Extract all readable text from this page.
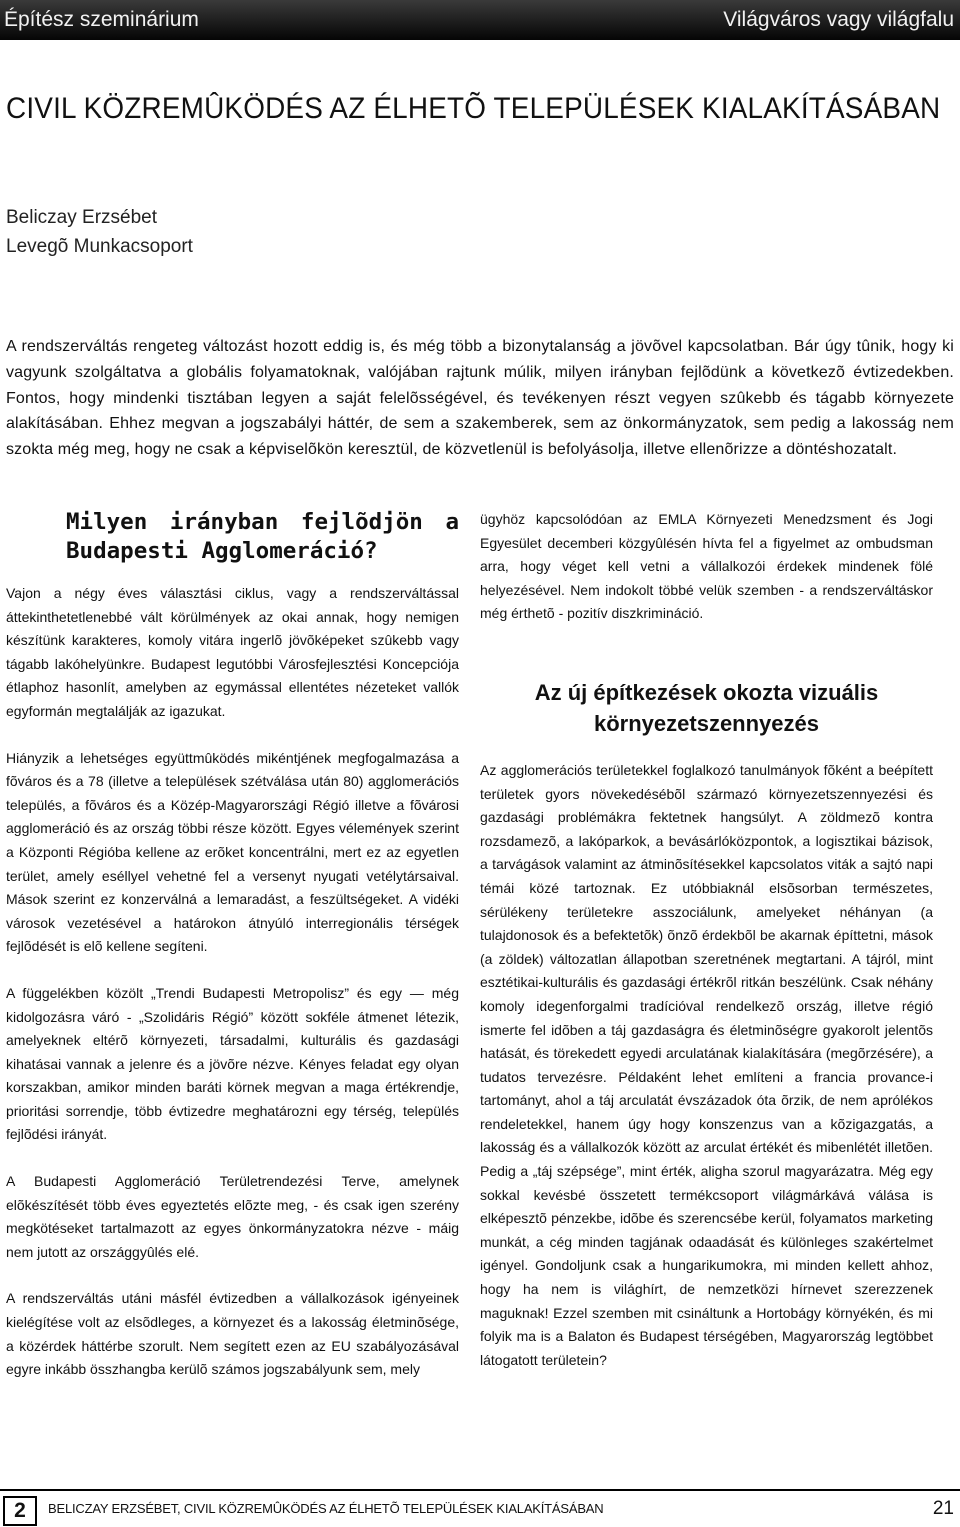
Építész szeminárium	Világváros vagy világfalu
CIVIL KÖZREMÛKÖDÉS AZ ÉLHETÕ TELEPÜLÉSEK KIALAKÍTÁSÁBAN
Beliczay Erzsébet
Levegõ Munkacsoport

A rendszerváltás rengeteg változást hozott eddig is, és még több a bizonytalanság a jövõvel kapcsolatban. Bár úgy tûnik, hogy ki vagyunk szolgáltatva a globális folyamatoknak, valójában rajtunk múlik, milyen irányban fejlõdünk a következõ évtizedekben. Fontos, hogy mindenki tisztában legyen a saját felelõsségével, és tevékenyen részt vegyen szûkebb és tágabb környezete alakításában. Ehhez megvan a jogszabályi háttér, de sem a szakemberek, sem az önkormányzatok, sem pedig a lakosság nem szokta még meg, hogy ne csak a képviselõkön keresztül, de közvetlenül is befolyásolja, illetve ellenõrizze a döntéshozatalt.

Milyen irányban fejlõdjön a Budapesti Agglomeráció?

Vajon a négy éves választási ciklus, vagy a rendszerváltással áttekinthetetlenebbé vált körülmények az okai annak, hogy nemigen készítünk karakteres, komoly vitára ingerlõ jövõképeket szûkebb vagy tágabb lakóhelyünkre. Budapest legutóbbi Városfejlesztési Koncepciója étlaphoz hasonlít, amelyben az egymással ellentétes nézeteket vallók egyformán megtalálják az igazukat.

Hiányzik a lehetséges együttmûködés mikéntjének megfogalmazása a fõváros és a 78 (illetve a települések szétválása után 80) agglomerációs település, a fõváros és a Közép-Magyarországi Régió illetve a fõvárosi agglomeráció és az ország többi része között. Egyes vélemények szerint a Központi Régióba kellene az erõket koncentrálni, mert ez az egyetlen terület, amely eséllyel vehetné fel a versenyt nyugati vetélytársaival. Mások szerint ez konzerválná a lemaradást, a feszültségeket. A vidéki városok vezetésével a határokon átnyúló interregionális térségek fejlõdését is elõ kellene segíteni.

A függelékben közölt „Trendi Budapesti Metropolisz” és egy — még kidolgozásra váró - „Szolidáris Régió” között sokféle átmenet létezik, amelyeknek eltérõ környezeti, társadalmi, kulturális és gazdasági kihatásai vannak a jelenre és a jövõre nézve. Kényes feladat egy olyan korszakban, amikor minden baráti körnek megvan a maga értékrendje, prioritási sorrendje, több évtizedre meghatározni egy térség, település fejlõdési irányát.

A Budapesti Agglomeráció Területrendezési Terve, amelynek elõkészítését több éves egyeztetés elõzte meg, - és csak igen szerény megkötéseket tartalmazott az egyes önkormányzatokra nézve - máig nem jutott az országgyûlés elé.

A rendszerváltás utáni másfél évtizedben a vállalkozások igényeinek kielégítése volt az elsõdleges, a környezet és a lakosság életminõsége, a közérdek háttérbe szorult. Nem segített ezen az EU szabályozásával egyre inkább összhangba kerülõ számos jogszabályunk sem, mely

ügyhöz kapcsolódóan az EMLA Környezeti Menedzsment és Jogi Egyesület decemberi közgyûlésén hívta fel a figyelmet az ombudsman arra, hogy véget kell vetni a vállalkozói érdekek mindenek fölé helyezésével. Nem indokolt többé velük szemben - a rendszerváltáskor még érthetõ - pozitív diszkrimináció.

Az új építkezések okozta vizuális környezetszennyezés

Az agglomerációs területekkel foglalkozó tanulmányok fõként a beépített területek gyors növekedésébõl származó környezetszennyezési és gazdasági problémákra fektetnek hangsúlyt. A zöldmezõ kontra rozsdamezõ, a lakóparkok, a bevásárlóközpontok, a logisztikai bázisok, a tarvágások valamint az átminõsítésekkel kapcsolatos viták a sajtó napi témái közé tartoznak. Ez utóbbiaknál elsõsorban természetes, sérülékeny területekre asszociálunk, amelyeket néhányan (a tulajdonosok és a befektetõk) õnzõ érdekbõl be akarnak építtetni, mások (a zöldek) változatlan állapotban szeretnének megtartani. A tájról, mint esztétikai-kulturális és gazdasági értékrõl ritkán beszélünk. Csak néhány komoly idegenforgalmi tradícióval rendelkezõ ország, illetve régió ismerte fel idõben a táj gazdaságra és életminõségre gyakorolt jelentõs hatását, és törekedett egyedi arculatának kialakítására (megõrzésére), a tudatos tervezésre. Példaként lehet említeni a francia provance-i tartományt, ahol a táj arculatát évszázadok óta õrzik, de nem aprólékos rendeletekkel, hanem úgy hogy konszenzus van a kõzigazgatás, a lakosság és a vállalkozók között az arculat értékét és mibenlétét illetõen. Pedig a „táj szépsége”, mint érték, aligha szorul magyarázatra. Még egy sokkal kevésbé összetett termékcsoport világmárkává válása is elképesztõ pénzekbe, idõbe és szerencsébe kerül, folyamatos marketing munkát, a cég minden tagjának odaadását és különleges szakértelmet igényel. Gondoljunk csak a hungarikumokra, mi minden kellett ahhoz, hogy ha nem is világhírt, de nemzetközi hírnevet szerezzenek maguknak! Ezzel szemben mit csináltunk a Hortobágy környékén, és mi folyik ma is a Balaton és Budapest térségében, Magyarország legtöbbet látogatott területein?

2	BELICZAY ERZSÉBET, CIVIL KÖZREMÛKÖDÉS AZ ÉLHETÕ TELEPÜLÉSEK KIALAKÍTÁSÁBAN	21
